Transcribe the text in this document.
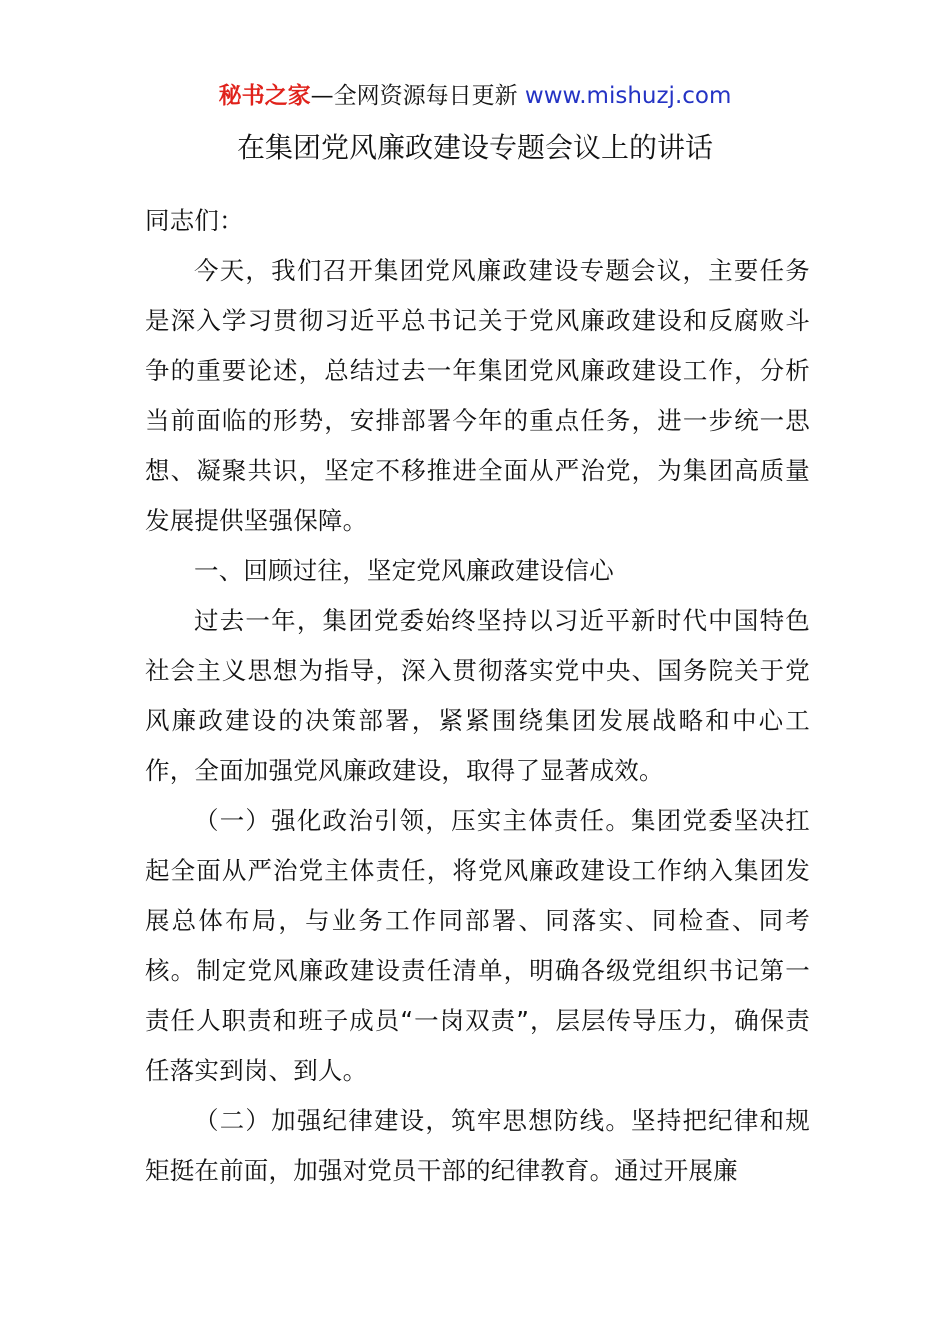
秘书之家—全网资源每日更新 www.mishuzj.com
在集团党风廉政建设专题会议上的讲话

同志们：

今天，我们召开集团党风廉政建设专题会议，主要任务是深入学习贯彻习近平总书记关于党风廉政建设和反腐败斗争的重要论述，总结过去一年集团党风廉政建设工作，分析当前面临的形势，安排部署今年的重点任务，进一步统一思想、凝聚共识，坚定不移推进全面从严治党，为集团高质量发展提供坚强保障。

一、回顾过往，坚定党风廉政建设信心

过去一年，集团党委始终坚持以习近平新时代中国特色社会主义思想为指导，深入贯彻落实党中央、国务院关于党风廉政建设的决策部署，紧紧围绕集团发展战略和中心工作，全面加强党风廉政建设，取得了显著成效。

（一）强化政治引领，压实主体责任。集团党委坚决扛起全面从严治党主体责任，将党风廉政建设工作纳入集团发展总体布局，与业务工作同部署、同落实、同检查、同考核。制定党风廉政建设责任清单，明确各级党组织书记第一责任人职责和班子成员“一岗双责”，层层传导压力，确保责任落实到岗、到人。

（二）加强纪律建设，筑牢思想防线。坚持把纪律和规矩挺在前面，加强对党员干部的纪律教育。通过开展廉
